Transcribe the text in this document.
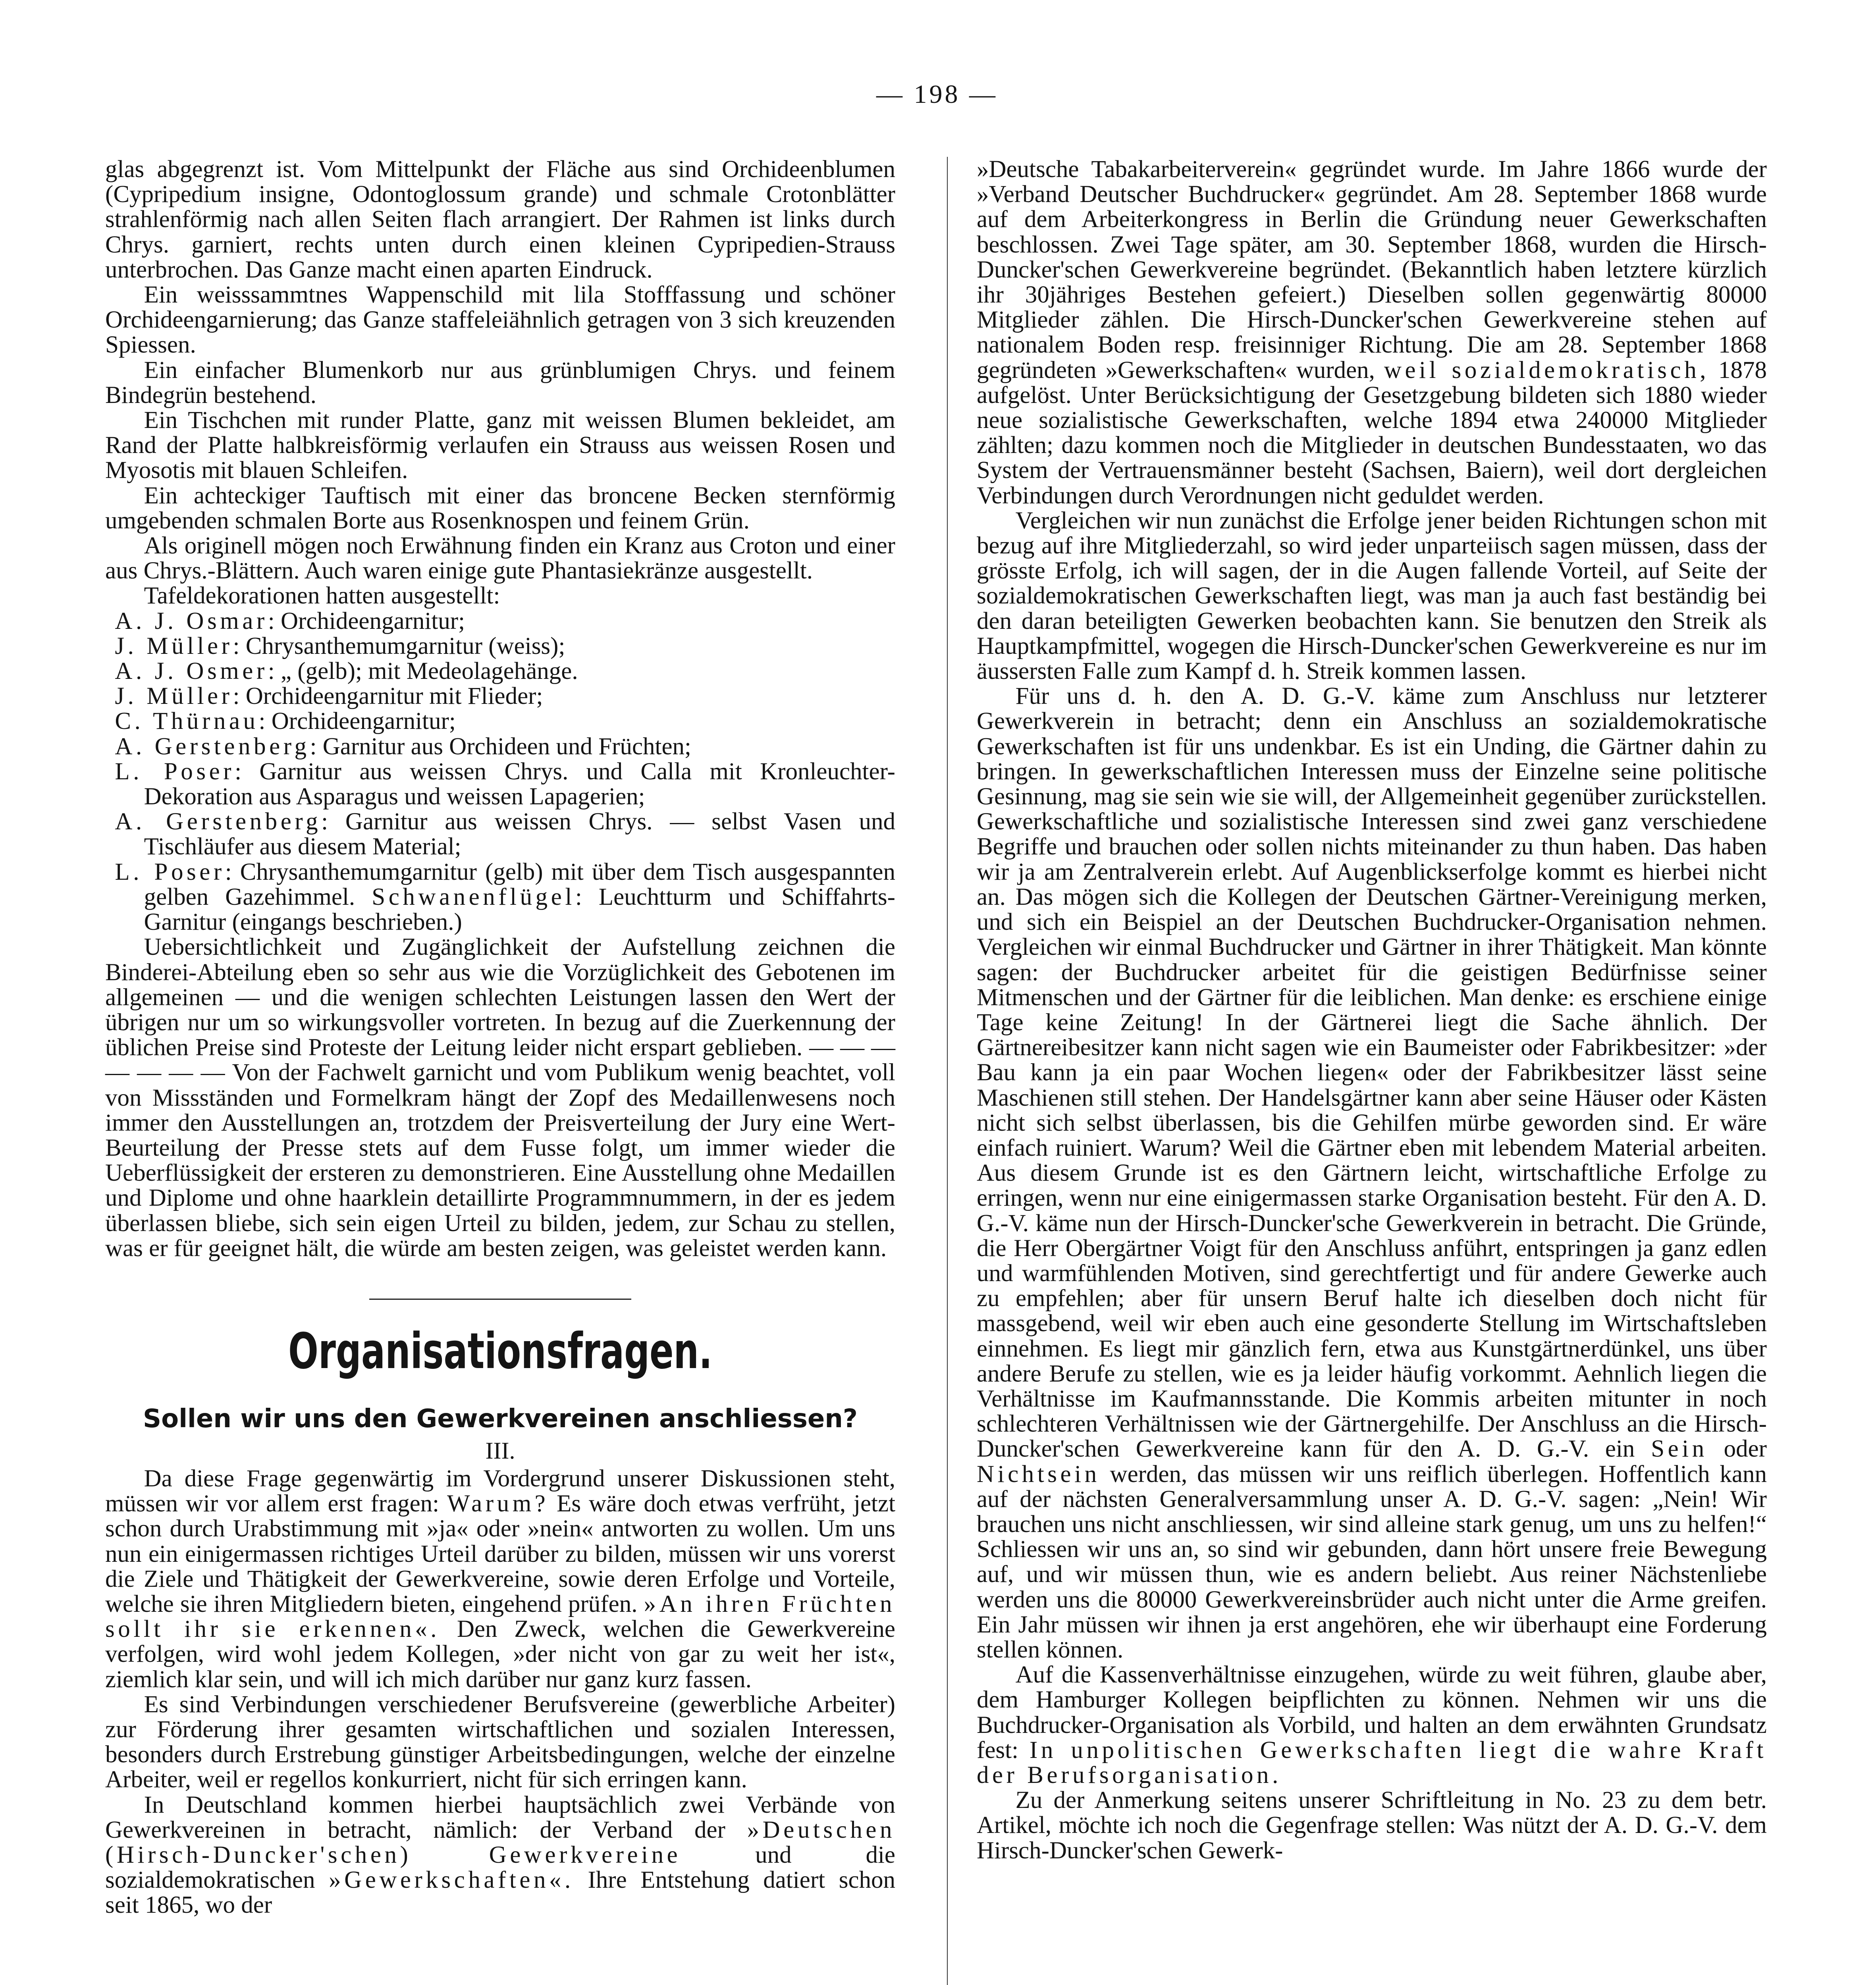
— 198 —

glas abgegrenzt ist. Vom Mittelpunkt der Fläche aus sind Orchideenblumen (Cypripedium insigne, Odontoglossum grande) und schmale Crotonblätter strahlenförmig nach allen Seiten flach arrangiert. Der Rahmen ist links durch Chrys. garniert, rechts unten durch einen kleinen Cypripedien-Strauss unterbrochen. Das Ganze macht einen aparten Eindruck.

Ein weisssammtnes Wappenschild mit lila Stofffassung und schöner Orchideengarnierung; das Ganze staffeleiähnlich getragen von 3 sich kreuzenden Spiessen.

Ein einfacher Blumenkorb nur aus grünblumigen Chrys. und feinem Bindegrün bestehend.

Ein Tischchen mit runder Platte, ganz mit weissen Blumen bekleidet, am Rand der Platte halbkreisförmig verlaufen ein Strauss aus weissen Rosen und Myosotis mit blauen Schleifen.

Ein achteckiger Tauftisch mit einer das broncene Becken sternförmig umgebenden schmalen Borte aus Rosenknospen und feinem Grün.

Als originell mögen noch Erwähnung finden ein Kranz aus Croton und einer aus Chrys.-Blättern. Auch waren einige gute Phantasiekränze ausgestellt.

Tafeldekorationen hatten ausgestellt:

A. J. Osmar: Orchideengarnitur;

J. Müller: Chrysanthemumgarnitur (weiss);

A. J. Osmer: „ (gelb); mit Medeolagehänge.

J. Müller: Orchideengarnitur mit Flieder;

C. Thürnau: Orchideengarnitur;

A. Gerstenberg: Garnitur aus Orchideen und Früchten;

L. Poser: Garnitur aus weissen Chrys. und Calla mit Kronleuchter-Dekoration aus Asparagus und weissen Lapagerien;

A. Gerstenberg: Garnitur aus weissen Chrys. — selbst Vasen und Tischläufer aus diesem Material;

L. Poser: Chrysanthemumgarnitur (gelb) mit über dem Tisch ausgespannten gelben Gazehimmel. Schwanenflügel: Leuchtturm und Schiffahrts-Garnitur (eingangs beschrieben.)

Uebersichtlichkeit und Zugänglichkeit der Aufstellung zeichnen die Binderei-Abteilung eben so sehr aus wie die Vorzüglichkeit des Gebotenen im allgemeinen — und die wenigen schlechten Leistungen lassen den Wert der übrigen nur um so wirkungsvoller vortreten. In bezug auf die Zuerkennung der üblichen Preise sind Proteste der Leitung leider nicht erspart geblieben. — — — — — — — Von der Fachwelt garnicht und vom Publikum wenig beachtet, voll von Missständen und Formelkram hängt der Zopf des Medaillenwesens noch immer den Ausstellungen an, trotzdem der Preisverteilung der Jury eine Wert-Beurteilung der Presse stets auf dem Fusse folgt, um immer wieder die Ueberflüssigkeit der ersteren zu demonstrieren. Eine Ausstellung ohne Medaillen und Diplome und ohne haarklein detaillirte Programmnummern, in der es jedem überlassen bliebe, sich sein eigen Urteil zu bilden, jedem, zur Schau zu stellen, was er für geeignet hält, die würde am besten zeigen, was geleistet werden kann.

Organisationsfragen.
Sollen wir uns den Gewerkvereinen anschliessen?
III.

Da diese Frage gegenwärtig im Vordergrund unserer Diskussionen steht, müssen wir vor allem erst fragen: Warum? Es wäre doch etwas verfrüht, jetzt schon durch Urabstimmung mit »ja« oder »nein« antworten zu wollen. Um uns nun ein einigermassen richtiges Urteil darüber zu bilden, müssen wir uns vorerst die Ziele und Thätigkeit der Gewerkvereine, sowie deren Erfolge und Vorteile, welche sie ihren Mitgliedern bieten, eingehend prüfen. »An ihren Früchten sollt ihr sie erkennen«. Den Zweck, welchen die Gewerkvereine verfolgen, wird wohl jedem Kollegen, »der nicht von gar zu weit her ist«, ziemlich klar sein, und will ich mich darüber nur ganz kurz fassen.

Es sind Verbindungen verschiedener Berufsvereine (gewerbliche Arbeiter) zur Förderung ihrer gesamten wirtschaftlichen und sozialen Interessen, besonders durch Erstrebung günstiger Arbeitsbedingungen, welche der einzelne Arbeiter, weil er regellos konkurriert, nicht für sich erringen kann.

In Deutschland kommen hierbei hauptsächlich zwei Verbände von Gewerkvereinen in betracht, nämlich: der Verband der »Deutschen (Hirsch-Duncker'schen) Gewerkvereine	und die sozialdemokratischen »Gewerkschaften«. Ihre Entstehung datiert schon seit 1865, wo der

»Deutsche Tabakarbeiterverein« gegründet wurde. Im Jahre 1866 wurde der »Verband Deutscher Buchdrucker« gegründet. Am 28. September 1868 wurde auf dem Arbeiterkongress in Berlin die Gründung neuer Gewerkschaften beschlossen. Zwei Tage später, am 30. September 1868, wurden die Hirsch-Duncker'schen Gewerkvereine begründet. (Bekanntlich haben letztere kürzlich ihr 30jähriges Bestehen gefeiert.) Dieselben sollen gegenwärtig 80000 Mitglieder zählen. Die Hirsch-Duncker'schen Gewerkvereine stehen auf nationalem Boden resp. freisinniger Richtung. Die am 28. September 1868 gegründeten »Gewerkschaften« wurden, weil sozialdemokratisch, 1878 aufgelöst. Unter Berücksichtigung der Gesetzgebung bildeten sich 1880 wieder neue sozialistische Gewerkschaften, welche 1894 etwa 240000 Mitglieder zählten; dazu kommen noch die Mitglieder in deutschen Bundesstaaten, wo das System der Vertrauensmänner besteht (Sachsen, Baiern), weil dort dergleichen Verbindungen durch Verordnungen nicht geduldet werden.

Vergleichen wir nun zunächst die Erfolge jener beiden Richtungen schon mit bezug auf ihre Mitgliederzahl, so wird jeder unparteiisch sagen müssen, dass der grösste Erfolg, ich will sagen, der in die Augen fallende Vorteil, auf Seite der sozialdemokratischen Gewerkschaften liegt, was man ja auch fast beständig bei den daran beteiligten Gewerken beobachten kann. Sie benutzen den Streik als Hauptkampfmittel, wogegen die Hirsch-Duncker'schen Gewerkvereine es nur im äussersten Falle zum Kampf d. h. Streik kommen lassen.

Für uns d. h. den A. D. G.-V. käme zum Anschluss nur letzterer Gewerkverein in betracht; denn ein Anschluss an sozialdemokratische Gewerkschaften ist für uns undenkbar. Es ist ein Unding, die Gärtner dahin zu bringen. In gewerkschaftlichen Interessen muss der Einzelne seine politische Gesinnung, mag sie sein wie sie will, der Allgemeinheit gegenüber zurückstellen. Gewerkschaftliche und sozialistische Interessen sind zwei ganz verschiedene Begriffe und brauchen oder sollen nichts miteinander zu thun haben. Das haben wir ja am Zentralverein erlebt. Auf Augenblickserfolge kommt es hierbei nicht an. Das mögen sich die Kollegen der Deutschen Gärtner-Vereinigung merken, und sich ein Beispiel an der Deutschen Buchdrucker-Organisation nehmen. Vergleichen wir einmal Buchdrucker und Gärtner in ihrer Thätigkeit. Man könnte sagen: der Buchdrucker arbeitet für die geistigen Bedürfnisse seiner Mitmenschen und der Gärtner für die leiblichen. Man denke: es erschiene einige Tage keine Zeitung! In der Gärtnerei liegt die Sache ähnlich. Der Gärtnereibesitzer kann nicht sagen wie ein Baumeister oder Fabrikbesitzer: »der Bau kann ja ein paar Wochen liegen« oder der Fabrikbesitzer lässt seine Maschienen still stehen. Der Handelsgärtner kann aber seine Häuser oder Kästen nicht sich selbst überlassen, bis die Gehilfen mürbe geworden sind. Er wäre einfach ruiniert. Warum? Weil die Gärtner eben mit lebendem Material arbeiten. Aus diesem Grunde ist es den Gärtnern leicht, wirtschaftliche Erfolge zu erringen, wenn nur eine einigermassen starke Organisation besteht. Für den A. D. G.-V. käme nun der Hirsch-Duncker'sche Gewerkverein in betracht. Die Gründe, die Herr Obergärtner Voigt für den Anschluss anführt, entspringen ja ganz edlen und warmfühlenden Motiven, sind gerechtfertigt und für andere Gewerke auch zu empfehlen; aber für unsern Beruf halte ich dieselben doch nicht für massgebend, weil wir eben auch eine gesonderte Stellung im Wirtschaftsleben einnehmen. Es liegt mir gänzlich fern, etwa aus Kunstgärtnerdünkel, uns über andere Berufe zu stellen, wie es ja leider häufig vorkommt. Aehnlich liegen die Verhältnisse im Kaufmannsstande. Die Kommis arbeiten mitunter in noch schlechteren Verhältnissen wie der Gärtnergehilfe. Der Anschluss an die Hirsch-Duncker'schen Gewerkvereine kann für den A. D. G.-V. ein Sein oder Nichtsein werden, das müssen wir uns reiflich überlegen. Hoffentlich kann auf der nächsten Generalversammlung unser A. D. G.-V. sagen: „Nein! Wir brauchen uns nicht anschliessen, wir sind alleine stark genug, um uns zu helfen!“ Schliessen wir uns an, so sind wir gebunden, dann hört unsere freie Bewegung auf, und wir müssen thun, wie es andern beliebt. Aus reiner Nächstenliebe werden uns die 80000 Gewerkvereinsbrüder auch nicht unter die Arme greifen. Ein Jahr müssen wir ihnen ja erst angehören, ehe wir überhaupt eine Forderung stellen können.

Auf die Kassenverhältnisse einzugehen, würde zu weit führen, glaube aber, dem Hamburger Kollegen beipflichten zu können. Nehmen wir uns die Buchdrucker-Organisation als Vorbild, und halten an dem erwähnten Grundsatz fest: In unpolitischen Gewerkschaften liegt die wahre Kraft der Berufsorganisation.

Zu der Anmerkung seitens unserer Schriftleitung in No. 23 zu dem betr. Artikel, möchte ich noch die Gegenfrage stellen: Was nützt der A. D. G.-V. dem Hirsch-Duncker'schen Gewerk-
